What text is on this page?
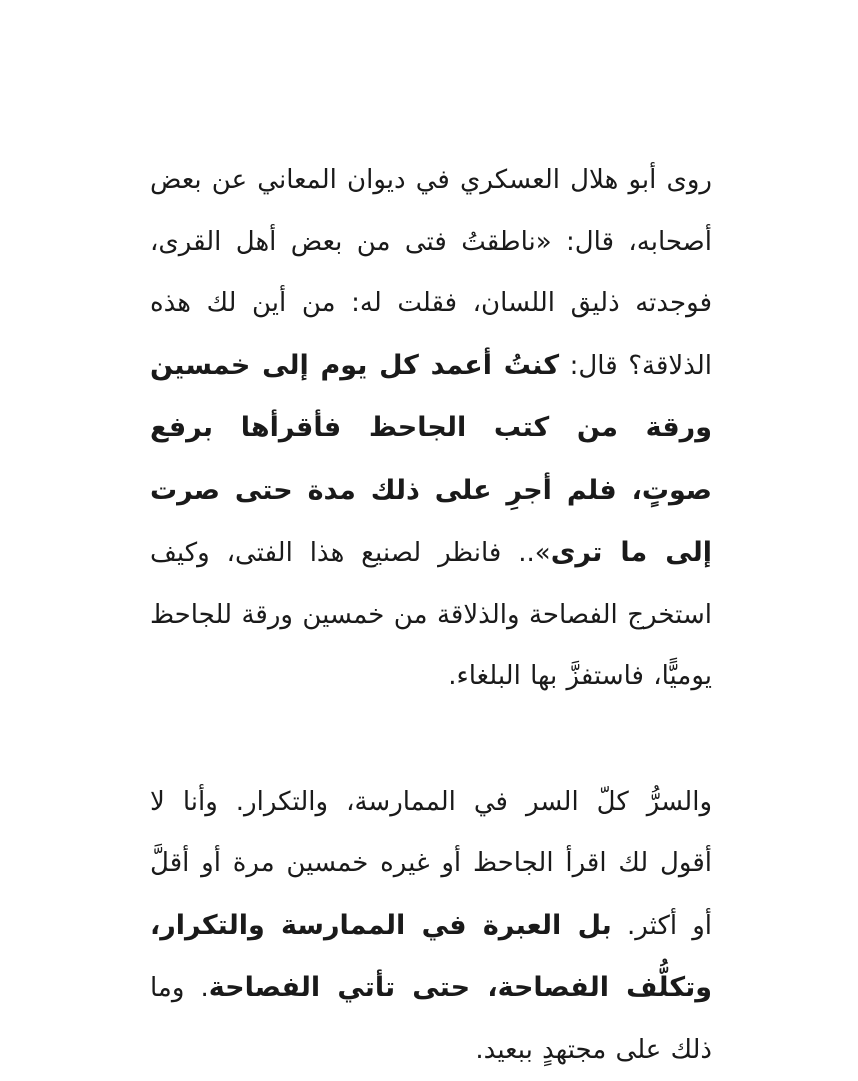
روى أبو هلال العسكري في ديوان المعاني عن بعض أصحابه، قال: «ناطقتُ فتى من بعض أهل القرى، فوجدته ذليق اللسان، فقلت له: من أين لك هذه الذلاقة؟ قال: كنتُ أعمد كل يوم إلى خمسين ورقة من كتب الجاحظ فأقرأها برفع صوتٍ، فلم أجرِ على ذلك مدة حتى صرت إلى ما ترى».. فانظر لصنيع هذا الفتى، وكيف استخرج الفصاحة والذلاقة من خمسين ورقة للجاحظ يوميًّا، فاستفزَّ بها البلغاء.

والسرُّ كلّ السر في الممارسة، والتكرار. وأنا لا أقول لك اقرأ الجاحظ أو غيره خمسين مرة أو أقلَّ أو أكثر. بل العبرة في الممارسة والتكرار، وتكلُّف الفصاحة، حتى تأتي الفصاحة. وما ذلك على مجتهدٍ ببعيد.
